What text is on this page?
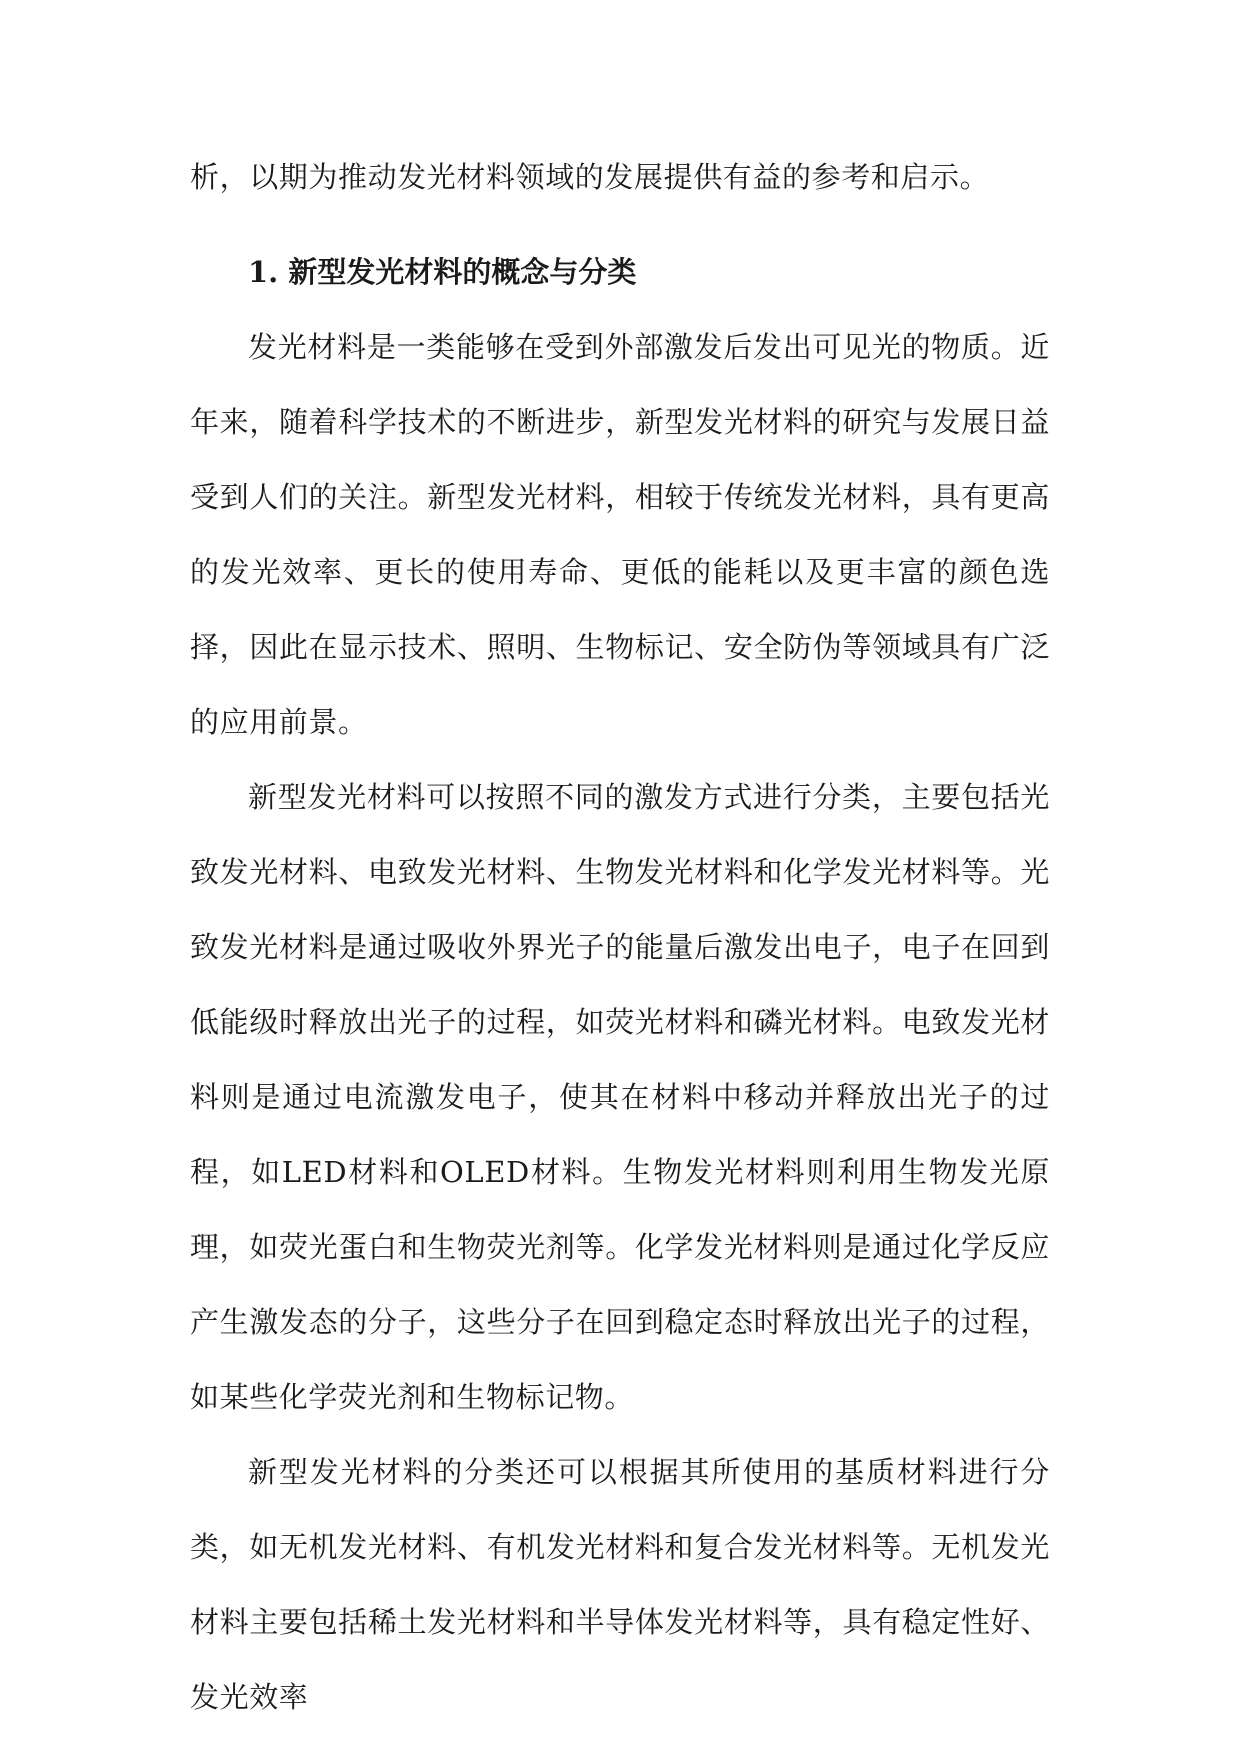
析，以期为推动发光材料领域的发展提供有益的参考和启示。

1. 新型发光材料的概念与分类

发光材料是一类能够在受到外部激发后发出可见光的物质。近年来，随着科学技术的不断进步，新型发光材料的研究与发展日益受到人们的关注。新型发光材料，相较于传统发光材料，具有更高的发光效率、更长的使用寿命、更低的能耗以及更丰富的颜色选择，因此在显示技术、照明、生物标记、安全防伪等领域具有广泛的应用前景。

新型发光材料可以按照不同的激发方式进行分类，主要包括光致发光材料、电致发光材料、生物发光材料和化学发光材料等。光致发光材料是通过吸收外界光子的能量后激发出电子，电子在回到低能级时释放出光子的过程，如荧光材料和磷光材料。电致发光材料则是通过电流激发电子，使其在材料中移动并释放出光子的过程，如LED材料和OLED材料。生物发光材料则利用生物发光原理，如荧光蛋白和生物荧光剂等。化学发光材料则是通过化学反应产生激发态的分子，这些分子在回到稳定态时释放出光子的过程，如某些化学荧光剂和生物标记物。

新型发光材料的分类还可以根据其所使用的基质材料进行分类，如无机发光材料、有机发光材料和复合发光材料等。无机发光材料主要包括稀土发光材料和半导体发光材料等，具有稳定性好、发光效率
